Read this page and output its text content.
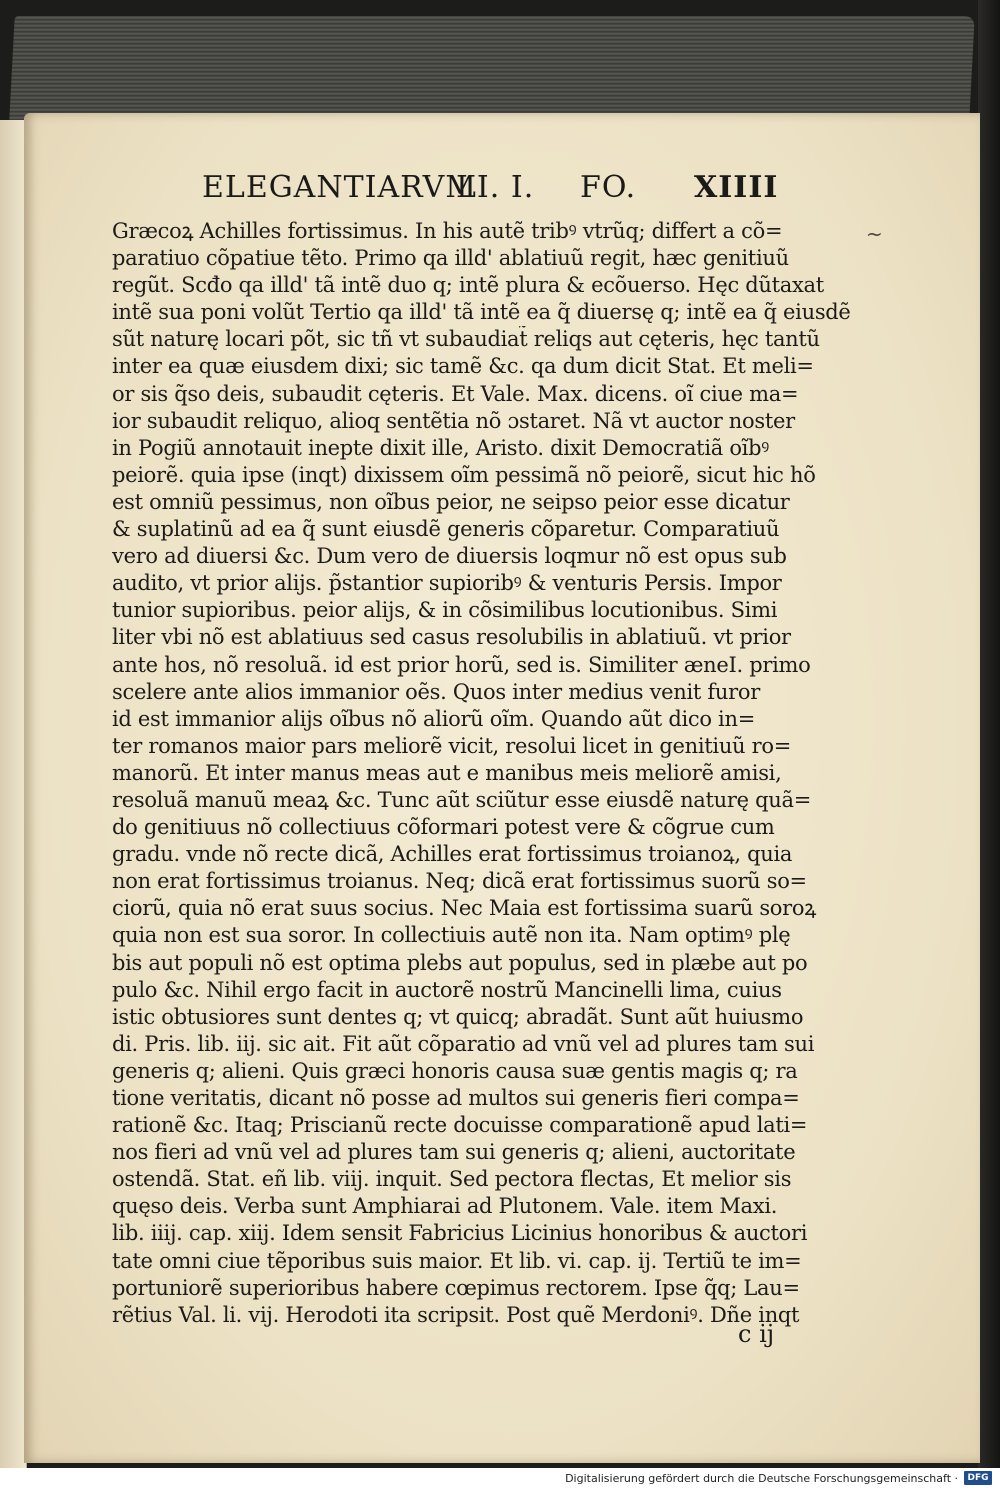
ELEGANTIARVM
LI. I. FO. XIIII
~
Græcoꝝ Achilles fortissimus. In his autẽ tribꝰ vtrũq; differt a cõ=
paratiuo cõpatiue tẽto. Primo qa illd' ablatiuũ regit, hæc genitiuũ
regũt. Scđo qa illd' tã intẽ duo q; intẽ plura & ecõuerso. Hęc dũtaxat
intẽ sua poni volũt Tertio qa illd' tã intẽ ea q̃ diuersę q; intẽ ea q̃ eiusdẽ
sũt naturę locari põt, sic tñ vt subaudiat̃ reliqs aut cęteris, hęc tantũ
inter ea quæ eiusdem dixi; sic tamẽ &c. qa dum dicit Stat. Et meli=
or sis q̃so deis, subaudit cęteris. Et Vale. Max. dicens. oĩ ciue ma=
ior subaudit reliquo, alioq sentẽtia nõ ɔstaret. Nã vt auctor noster
in Pogiũ annotauit inepte dixit ille, Aristo. dixit Democratiã oĩbꝰ
peiorẽ. quia ipse (inqt) dixissem oĩm pessimã nõ peiorẽ, sicut hic hõ
est omniũ pessimus, non oĩbus peior, ne seipso peior esse dicatur
& suplatinũ ad ea q̃ sunt eiusdẽ generis cõparetur. Comparatiuũ
vero ad diuersi &c. Dum vero de diuersis loqmur nõ est opus sub
audito, vt prior alijs. p̃stantior supioribꝰ & venturis Persis. Impor
tunior supioribus. peior alijs, & in cõsimilibus locutionibus. Simi
liter vbi nõ est ablatiuus sed casus resolubilis in ablatiuũ. vt prior
ante hos, nõ resoluã. id est prior horũ, sed is. Similiter æneI. primo
scelere ante alios immanior oẽs. Quos inter medius venit furor
id est immanior alijs oĩbus nõ aliorũ oĩm. Quando aũt dico in=
ter romanos maior pars meliorẽ vicit, resolui licet in genitiuũ ro=
manorũ. Et inter manus meas aut e manibus meis meliorẽ amisi,
resoluã manuũ meaꝝ &c. Tunc aũt sciũtur esse eiusdẽ naturę quã=
do genitiuus nõ collectiuus cõformari potest vere & cõgrue cum
gradu. vnde nõ recte dicã, Achilles erat fortissimus troianoꝝ, quia
non erat fortissimus troianus. Neq; dicã erat fortissimus suorũ so=
ciorũ, quia nõ erat suus socius. Nec Maia est fortissima suarũ soroꝝ
quia non est sua soror. In collectiuis autẽ non ita. Nam optimꝰ plę
bis aut populi nõ est optima plebs aut populus, sed in plæbe aut po
pulo &c. Nihil ergo facit in auctorẽ nostrũ Mancinelli lima, cuius
istic obtusiores sunt dentes q; vt quicq; abradãt. Sunt aũt huiusmo
di. Pris. lib. iij. sic ait. Fit aũt cõparatio ad vnũ vel ad plures tam sui
generis q; alieni. Quis græci honoris causa suæ gentis magis q; ra
tione veritatis, dicant nõ posse ad multos sui generis fieri compa=
rationẽ &c. Itaq; Priscianũ recte docuisse comparationẽ apud lati=
nos fieri ad vnũ vel ad plures tam sui generis q; alieni, auctoritate
ostendã. Stat. eñ lib. viij. inquit. Sed pectora flectas, Et melior sis
quęso deis. Verba sunt Amphiarai ad Plutonem. Vale. item Maxi.
lib. iiij. cap. xiij. Idem sensit Fabricius Licinius honoribus & auctori
tate omni ciue tẽporibus suis maior. Et lib. vi. cap. ij. Tertiũ te im=
portuniorẽ superioribus habere cœpimus rectorem. Ipse q̃q; Lau=
rẽtius Val. li. vij. Herodoti ita scripsit. Post quẽ Merdoniꝰ. Dñe inqt
c ij
Digitalisierung gefördert durch die Deutsche Forschungsgemeinschaft ·	DFG
